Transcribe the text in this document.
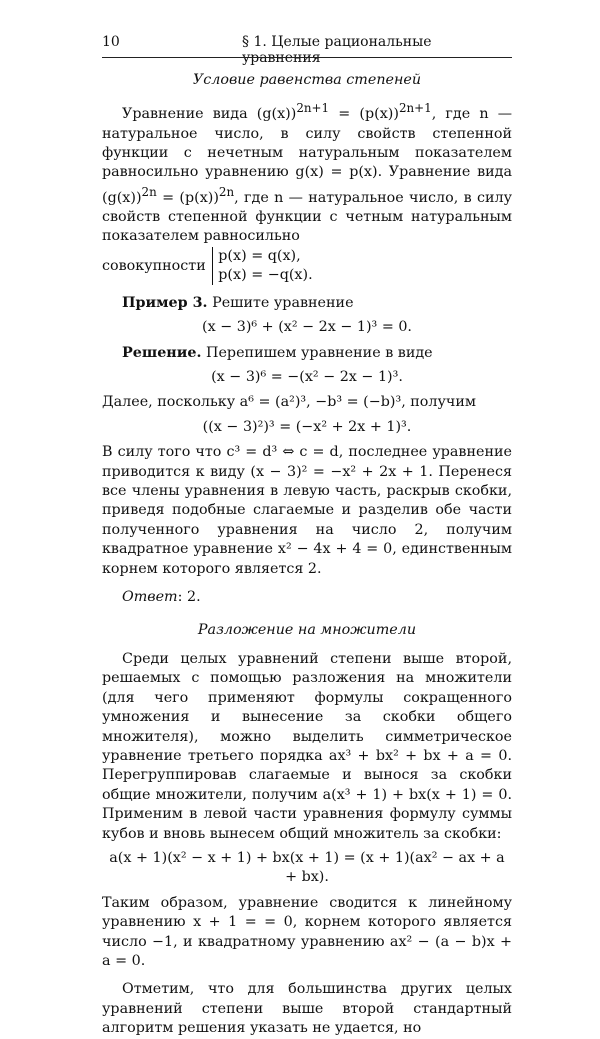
10	§ 1. Целые рациональные уравнения
Условие равенства степеней

Уравнение вида $(g(x))^{2n+1} = (p(x))^{2n+1}$, где n — натуральное число, в силу свойств степенной функции с нечетным натуральным показателем равносильно уравнению g(x) = p(x). Уравнение вида $(g(x))^{2n} = (p(x))^{2n}$, где n — натуральное число, в силу свойств степенной функции с четным натуральным показателем равносильно

совокупности p(x) = q(x),
p(x) = −q(x).

Пример 3. Решите уравнение

(x − 3)⁶ + (x² − 2x − 1)³ = 0.

Решение. Перепишем уравнение в виде

(x − 3)⁶ = −(x² − 2x − 1)³.

Далее, поскольку a⁶ = (a²)³, −b³ = (−b)³, получим

((x − 3)²)³ = (−x² + 2x + 1)³.

В силу того что c³ = d³ ⇔ c = d, последнее уравнение приводится к виду (x − 3)² = −x² + 2x + 1. Перенеся все члены уравнения в левую часть, раскрыв скобки, приведя подобные слагаемые и разделив обе части полученного уравнения на число 2, получим квадратное уравнение x² − 4x + 4 = 0, единственным корнем которого является 2.

Ответ: 2.

Разложение на множители

Среди целых уравнений степени выше второй, решаемых с помощью разложения на множители (для чего применяют формулы сокращенного умножения и вынесение за скобки общего множителя), можно выделить симметрическое уравнение третьего порядка ax³ + bx² + bx + a = 0. Перегруппировав слагаемые и вынося за скобки общие множители, получим a(x³ + 1) + bx(x + 1) = 0. Применим в левой части уравнения формулу суммы кубов и вновь вынесем общий множитель за скобки:

a(x + 1)(x² − x + 1) + bx(x + 1) = (x + 1)(ax² − ax + a + bx).

Таким образом, уравнение сводится к линейному уравнению x + 1 = = 0, корнем которого является число −1, и квадратному уравнению ax² − (a − b)x + a = 0.

Отметим, что для большинства других целых уравнений степени выше второй стандартный алгоритм решения указать не удается, но
